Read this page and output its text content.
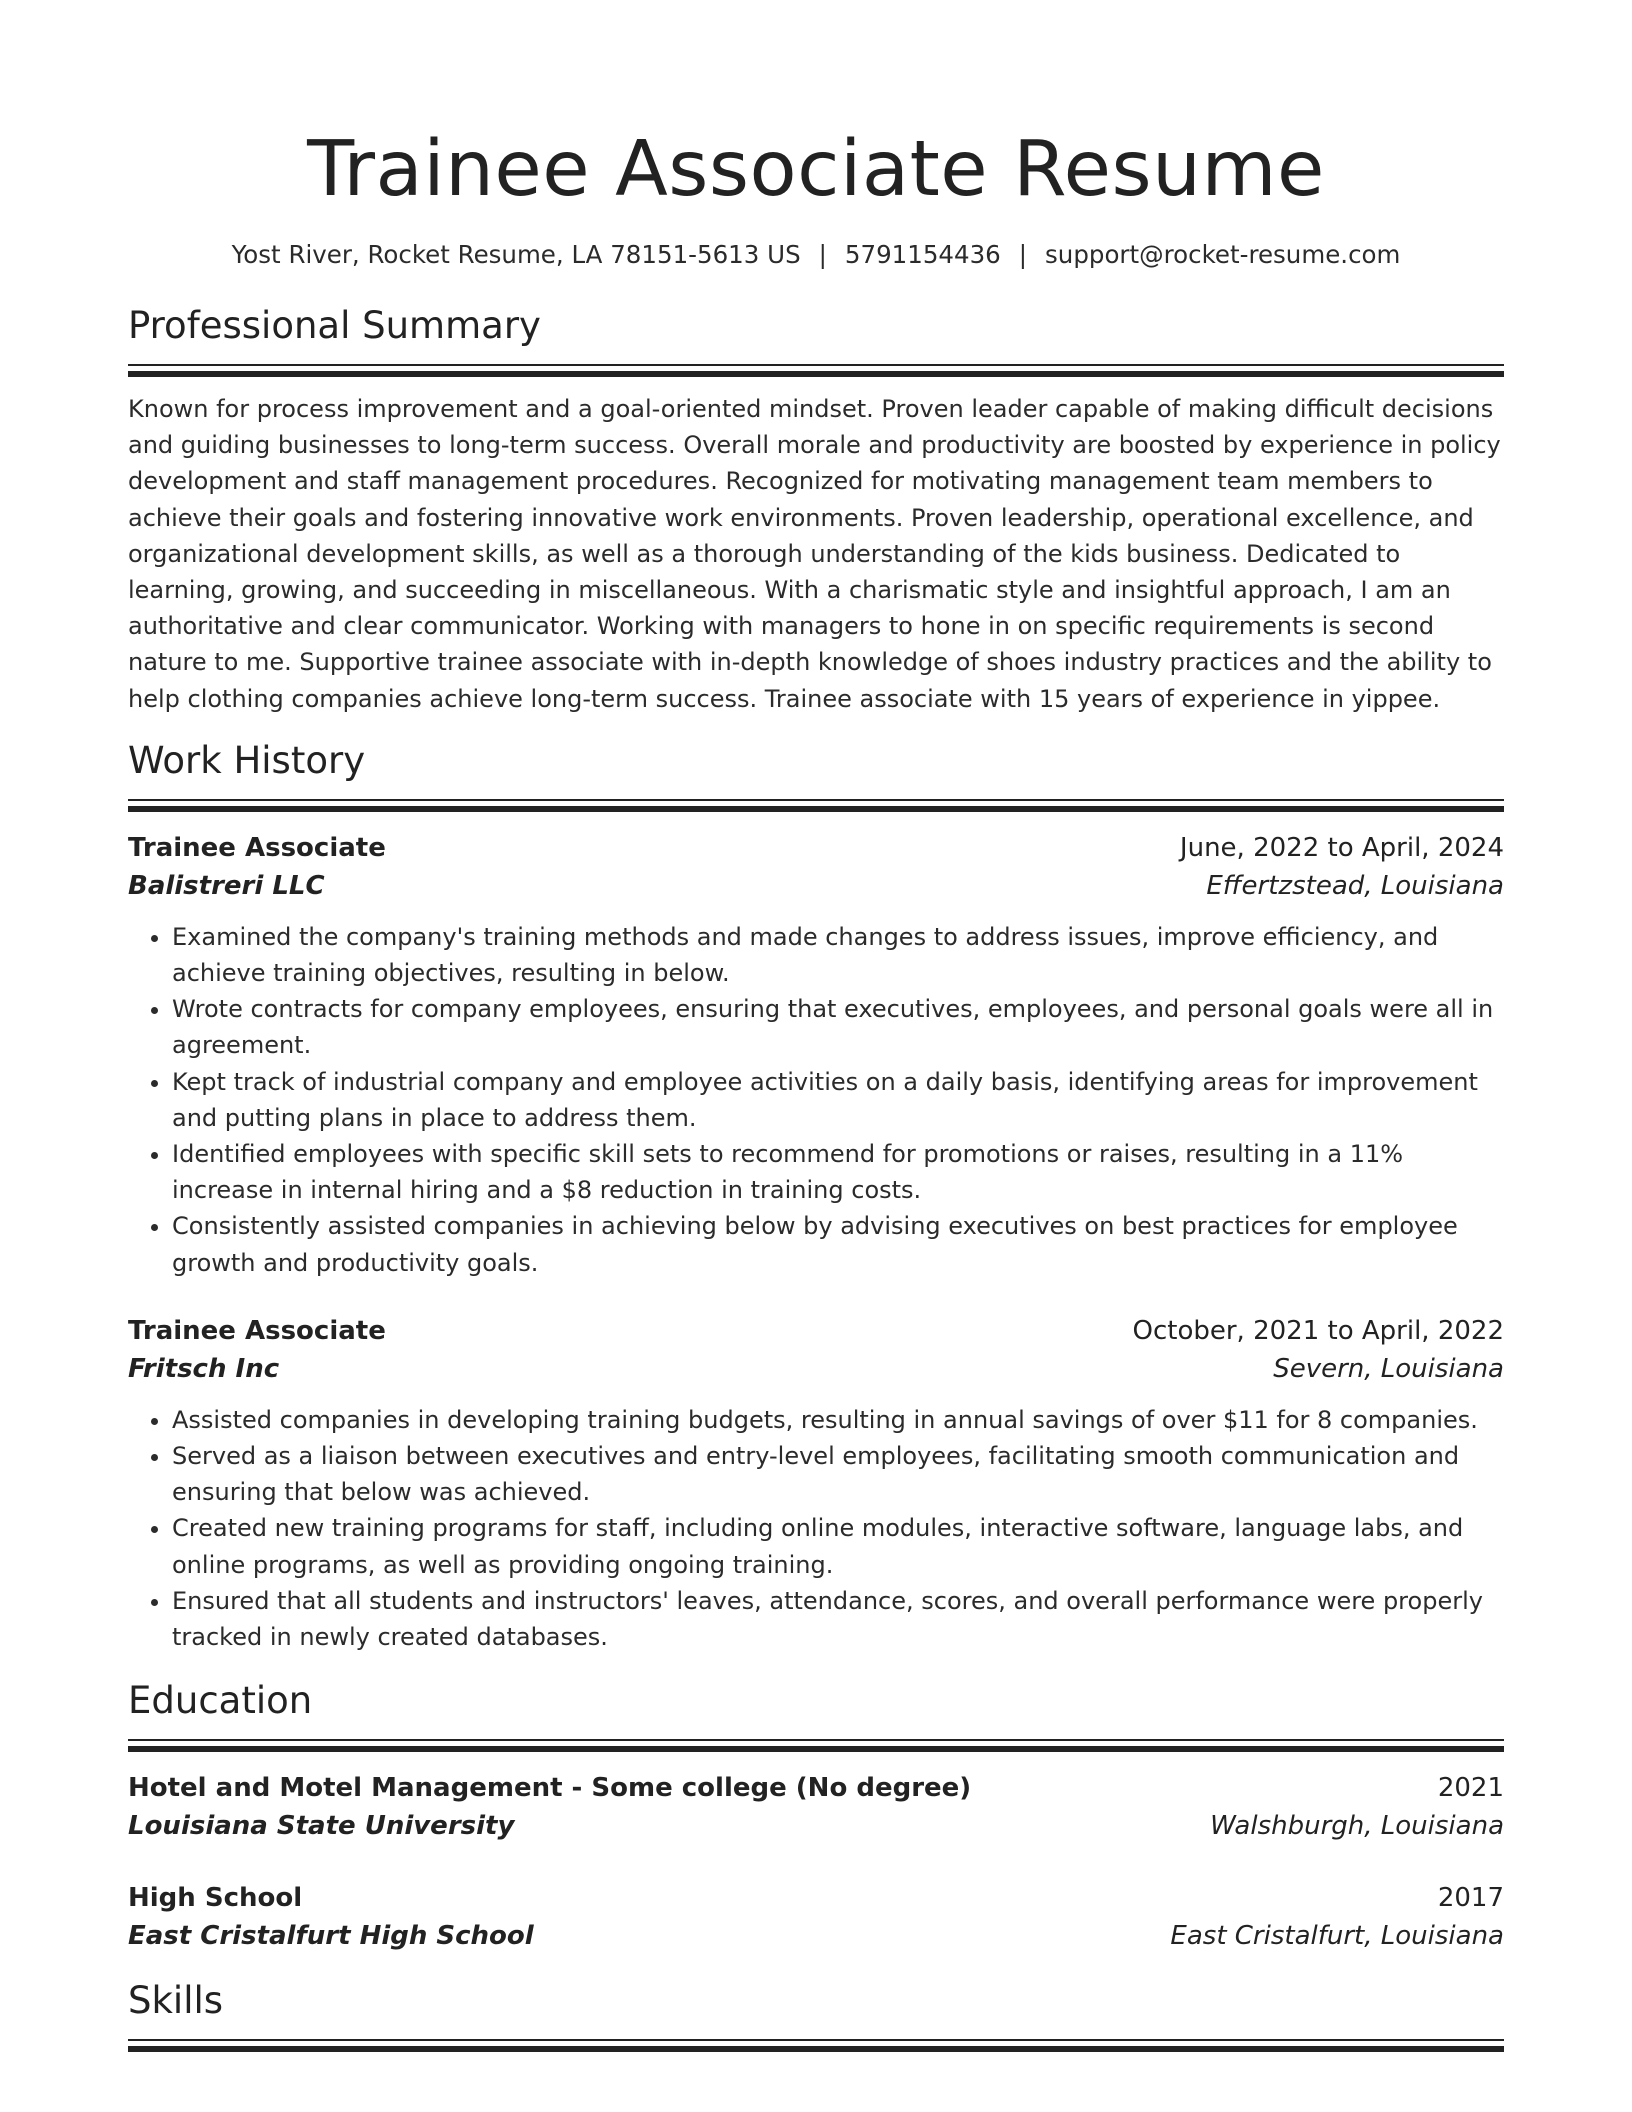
Trainee Associate Resume
Yost River, Rocket Resume, LA 78151-5613 US | 5791154436 | support@rocket-resume.com
Professional Summary

Known for process improvement and a goal-oriented mindset. Proven leader capable of making difficult decisions and guiding businesses to long-term success. Overall morale and productivity are boosted by experience in policy development and staff management procedures. Recognized for motivating management team members to achieve their goals and fostering innovative work environments. Proven leadership, operational excellence, and organizational development skills, as well as a thorough understanding of the kids business. Dedicated to learning, growing, and succeeding in miscellaneous. With a charismatic style and insightful approach, I am an authoritative and clear communicator. Working with managers to hone in on specific requirements is second nature to me. Supportive trainee associate with in-depth knowledge of shoes industry practices and the ability to help clothing companies achieve long-term success. Trainee associate with 15 years of experience in yippee.

Work History
Trainee Associate	June, 2022 to April, 2024
Balistreri LLC	Effertzstead, Louisiana
• Examined the company's training methods and made changes to address issues, improve efficiency, and achieve training objectives, resulting in below.
• Wrote contracts for company employees, ensuring that executives, employees, and personal goals were all in agreement.
• Kept track of industrial company and employee activities on a daily basis, identifying areas for improvement and putting plans in place to address them.
• Identified employees with specific skill sets to recommend for promotions or raises, resulting in a 11% increase in internal hiring and a $8 reduction in training costs.
• Consistently assisted companies in achieving below by advising executives on best practices for employee growth and productivity goals.
Trainee Associate	October, 2021 to April, 2022
Fritsch Inc	Severn, Louisiana
• Assisted companies in developing training budgets, resulting in annual savings of over $11 for 8 companies.
• Served as a liaison between executives and entry-level employees, facilitating smooth communication and ensuring that below was achieved.
• Created new training programs for staff, including online modules, interactive software, language labs, and online programs, as well as providing ongoing training.
• Ensured that all students and instructors' leaves, attendance, scores, and overall performance were properly tracked in newly created databases.
Education
Hotel and Motel Management - Some college (No degree)	2021
Louisiana State University	Walshburgh, Louisiana
High School	2017
East Cristalfurt High School	East Cristalfurt, Louisiana
Skills
